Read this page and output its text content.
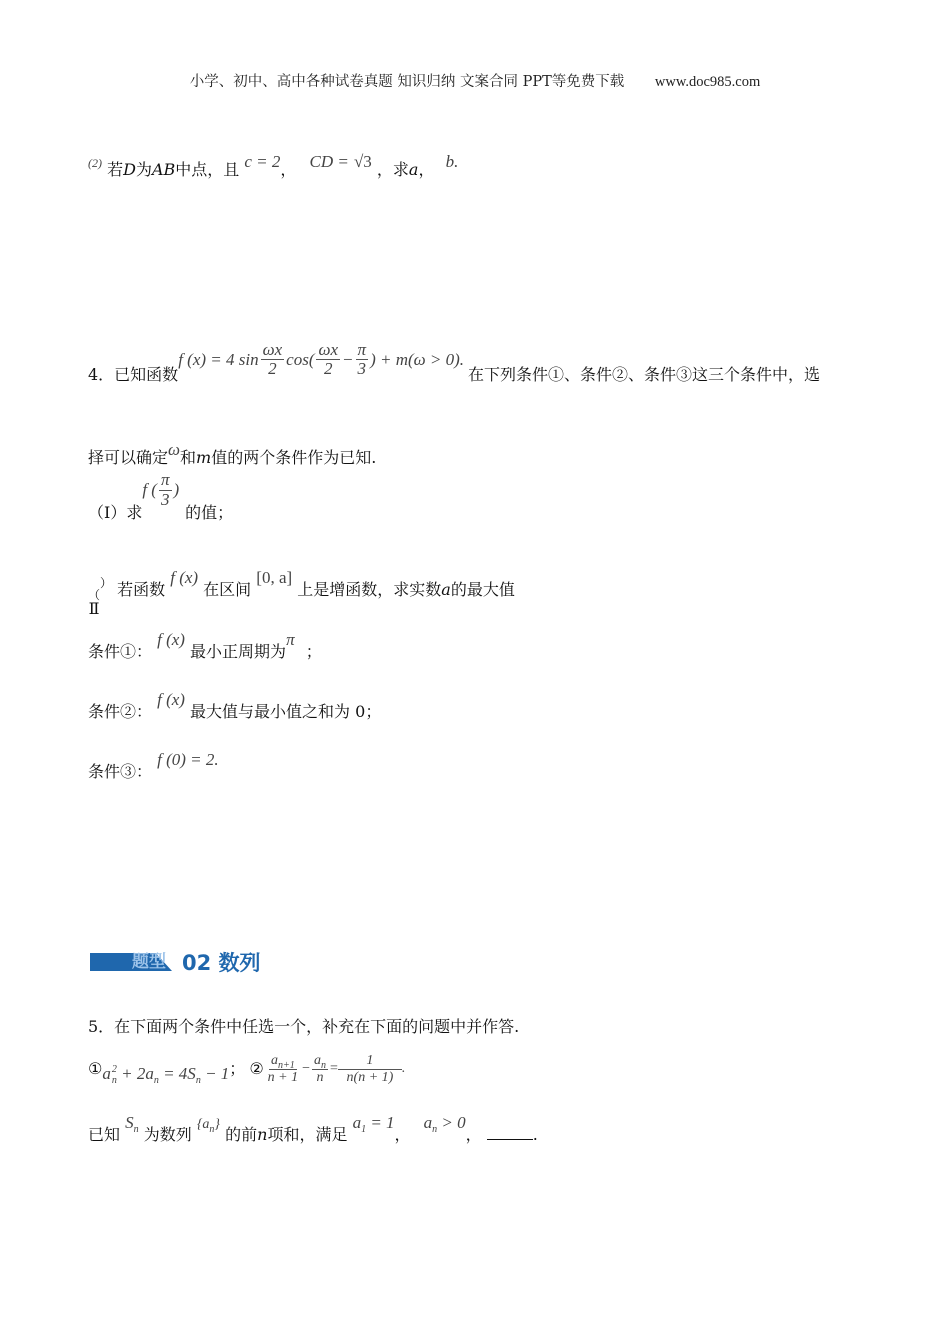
小学、初中、高中各种试卷真题 知识归纳 文案合同 PPT等免费下载 www.doc985.com
$^{(2)}$ 若D为AB中点，且 c = 2， CD = √3 ，求a， b.
4．已知函数
f (x) = 4 $\sin \frac{\omega x}{2} \cos( \frac{\omega x}{2} - \frac{\pi}{3}$ ) + m(ω > 0).
在下列条件①、条件②、条件③这三个条件中，选
择可以确定ω和m值的两个条件作为已知.
（Ⅰ）求
f ( $\frac{\pi}{3}$ )
的值；
（
Ⅱ
） 若函数 f (x) 在区间 [0, a] 上是增函数，求实数a的最大值
条件①： f (x) 最小正周期为π ；
条件②： f (x) 最大值与最小值之和为 0；
条件③： f (0) = 2.
题型 02 数列
5．在下面两个条件中任选一个，补充在下面的问题中并作答.
① $a^2_n + 2a_n = 4S_n - 1$ ； ② $\frac{a_{n+1}}{n + 1} - \frac{a_n}{n} = \frac{1}{n(n + 1)}$ .
已知 $S_n$ 为数列 $\{a_n\}$ 的前n项和，满足 $a_1 = 1$， $a_n > 0$，	.
